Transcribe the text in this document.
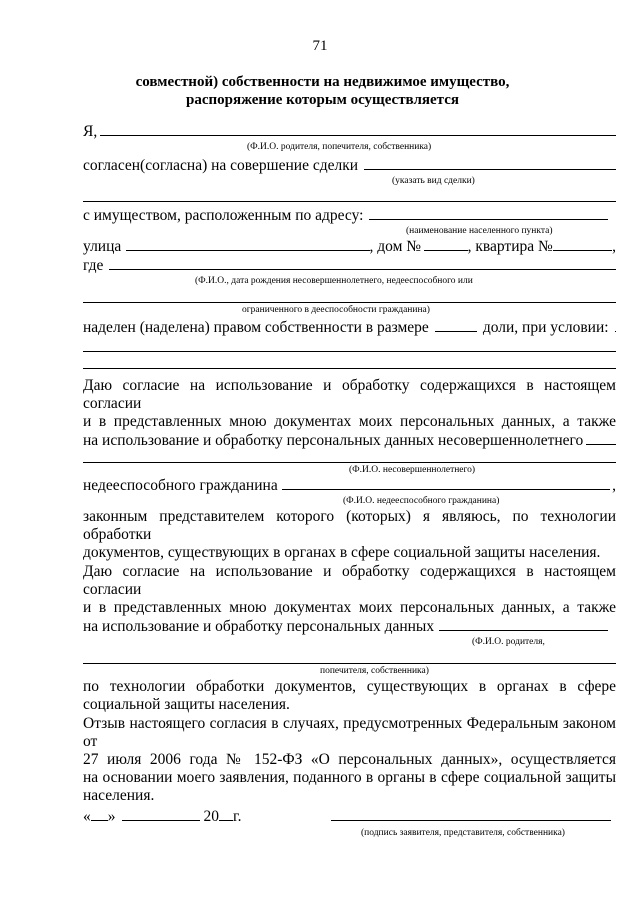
71
совместной) собственности на недвижимое имущество, распоряжение которым осуществляется
Я,
(Ф.И.О. родителя, попечителя, собственника)
согласен(согласна) на совершение сделки
(указать вид сделки)
с имуществом, расположенным по адресу:
(наименование населенного пункта)
улица	, дом №	, квартира №	,
где
(Ф.И.О., дата рождения несовершеннолетнего, недееспособного или
ограниченного в дееспособности гражданина)
наделен (наделена) правом собственности в размере	доли, при условии:
Даю согласие на использование и обработку содержащихся в настоящем согласии
и в представленных мною документах моих персональных данных, а также
на использование и обработку персональных данных несовершеннолетнего
(Ф.И.О. несовершеннолетнего)
недееспособного гражданина	,
(Ф.И.О. недееспособного гражданина)
законным представителем которого (которых) я являюсь, по технологии обработки
документов, существующих в органах в сфере социальной защиты населения.
Даю согласие на использование и обработку содержащихся в настоящем согласии
и в представленных мною документах моих персональных данных, а также
на использование и обработку персональных данных
(Ф.И.О. родителя,
попечителя, собственника)
по технологии обработки документов, существующих в органах в сфере
социальной защиты населения.
Отзыв настоящего согласия в случаях, предусмотренных Федеральным законом от
27 июля 2006 года № 152-ФЗ «О персональных данных», осуществляется
на основании моего заявления, поданного в органы в сфере социальной защиты
населения.
« »	20 г.
(подпись заявителя, представителя, собственника)
